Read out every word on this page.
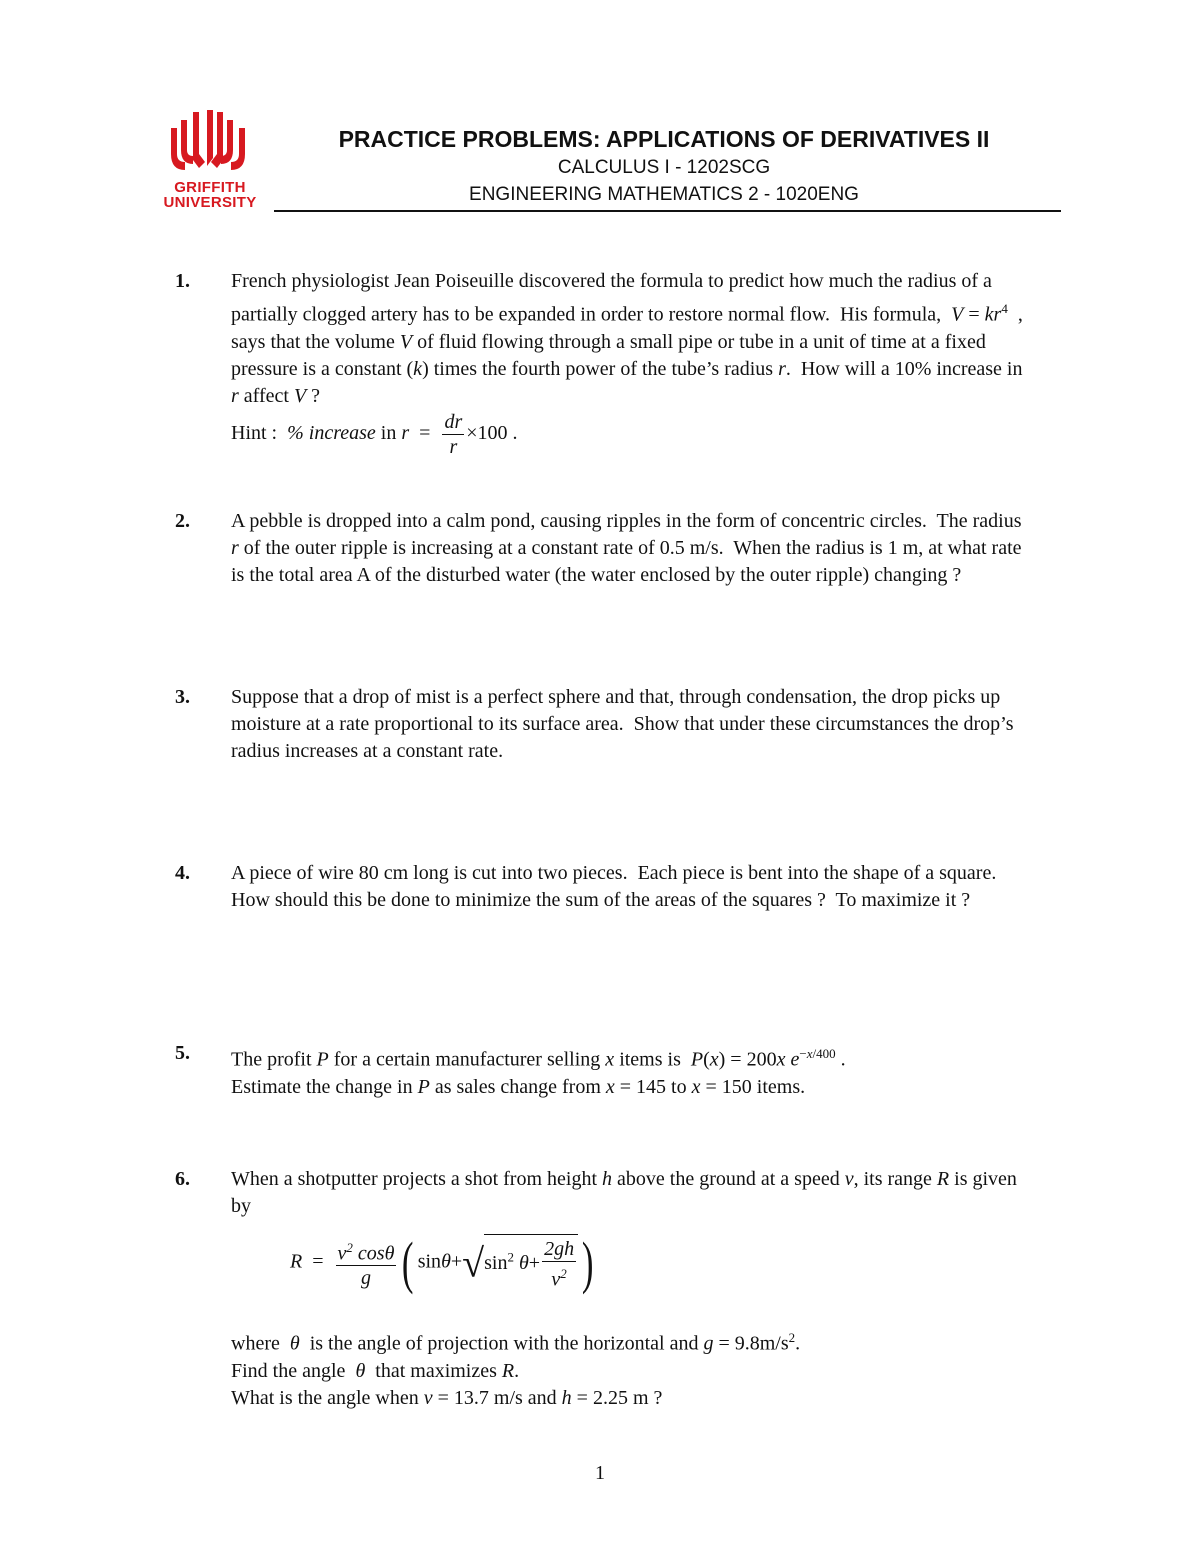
GRIFFITH
UNIVERSITY
PRACTICE PROBLEMS: APPLICATIONS OF DERIVATIVES II
CALCULUS I - 1202SCG
ENGINEERING MATHEMATICS 2 - 1020ENG
1. French physiologist Jean Poiseuille discovered the formula to predict how much the radius of a partially clogged artery has to be expanded in order to restore normal flow.  His formula,  $V = kr^4$  , says that the volume V of fluid flowing through a small pipe or tube in a unit of time at a fixed pressure is a constant (k) times the fourth power of the tube’s radius r.  How will a 10% increase in r affect V ?
Hint :  % increase in $r = \frac{dr}{r} \times 100$ .
2. A pebble is dropped into a calm pond, causing ripples in the form of concentric circles.  The radius r of the outer ripple is increasing at a constant rate of 0.5 m/s.  When the radius is 1 m, at what rate is the total area A of the disturbed water (the water enclosed by the outer ripple) changing ?
3. Suppose that a drop of mist is a perfect sphere and that, through condensation, the drop picks up moisture at a rate proportional to its surface area.  Show that under these circumstances the drop’s radius increases at a constant rate.
4. A piece of wire 80 cm long is cut into two pieces.  Each piece is bent into the shape of a square.  How should this be done to minimize the sum of the areas of the squares ?  To maximize it ?
5. The profit P for a certain manufacturer selling x items is  P(x) = 200x $e^{-x/400}$ .
Estimate the change in P as sales change from x = 145 to x = 150 items.
6. When a shotputter projects a shot from height h above the ground at a speed v, its range R is given by
$R = \frac{v^2 \cos\theta}{g}$ ( $\sin\theta+√\sin^2$ $\theta+ \frac{2gh}{v^2}$ )
where  θ  is the angle of projection with the horizontal and $g = 9.8m/s^2$.
Find the angle  θ  that maximizes R.
What is the angle when v = 13.7 m/s and h = 2.25 m ?
1
